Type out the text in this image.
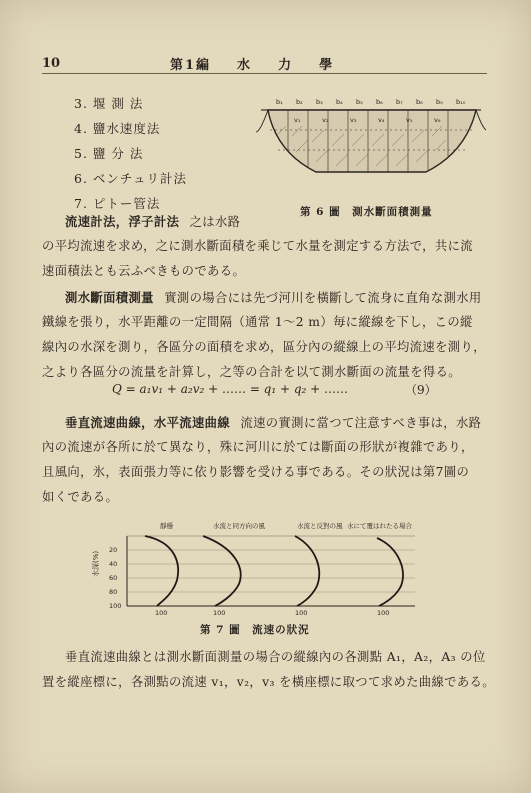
10	第1編 水 力 學
3. 堰 測 法
4. 鹽水速度法
5. 鹽 分 法
6. ベンチュリ計法
7. ピトー管法
b₁ b₂ b₃ b₄ b₅ b₆ b₇ b₈ b₉ b₁₀
v₁	v₂	v₃	v₄	v₅	v₆
第 6 圖　測水斷面積測量
流速計法，浮子計法 之は水路
の平均流速を求め，之に測水斷面積を乘じて水量を測定する方法で，共に流
速面積法とも云ふべきものである。
測水斷面積測量 實測の場合には先づ河川を橫斷して流身に直角な測水用
鐵線を張り，水平距離の一定間隔（通常 1～2 m）毎に縱線を下し，この縱
線內の水深を測り，各區分の面積を求め，區分內の縱線上の平均流速を測り，
之より各區分の流量を計算し，之等の合計を以て測水斷面の流量を得る。
Q = a₁v₁ + a₂v₂ + …… = q₁ + q₂ + ……	（9）
垂直流速曲線，水平流速曲線 流速の實測に當つて注意すべき事は，水路
內の流速が各所に於て異なり，殊に河川に於ては斷面の形狀が複雜であり，
且風向，氷，表面張力等に依り影響を受ける事である。その狀況は第7圖の
如くである。
靜穩	水流と同方向の風	水流と反對の風 水にて覆はれたる場合
20
40
60
80
100
100	100	100	100
水深(%)
第 7 圖　流速の狀況
垂直流速曲線とは測水斷面測量の場合の縱線內の各測點 A₁，A₂，A₃ の位
置を縱座標に，各測點の流速 v₁，v₂，v₃ を橫座標に取つて求めた曲線である。
